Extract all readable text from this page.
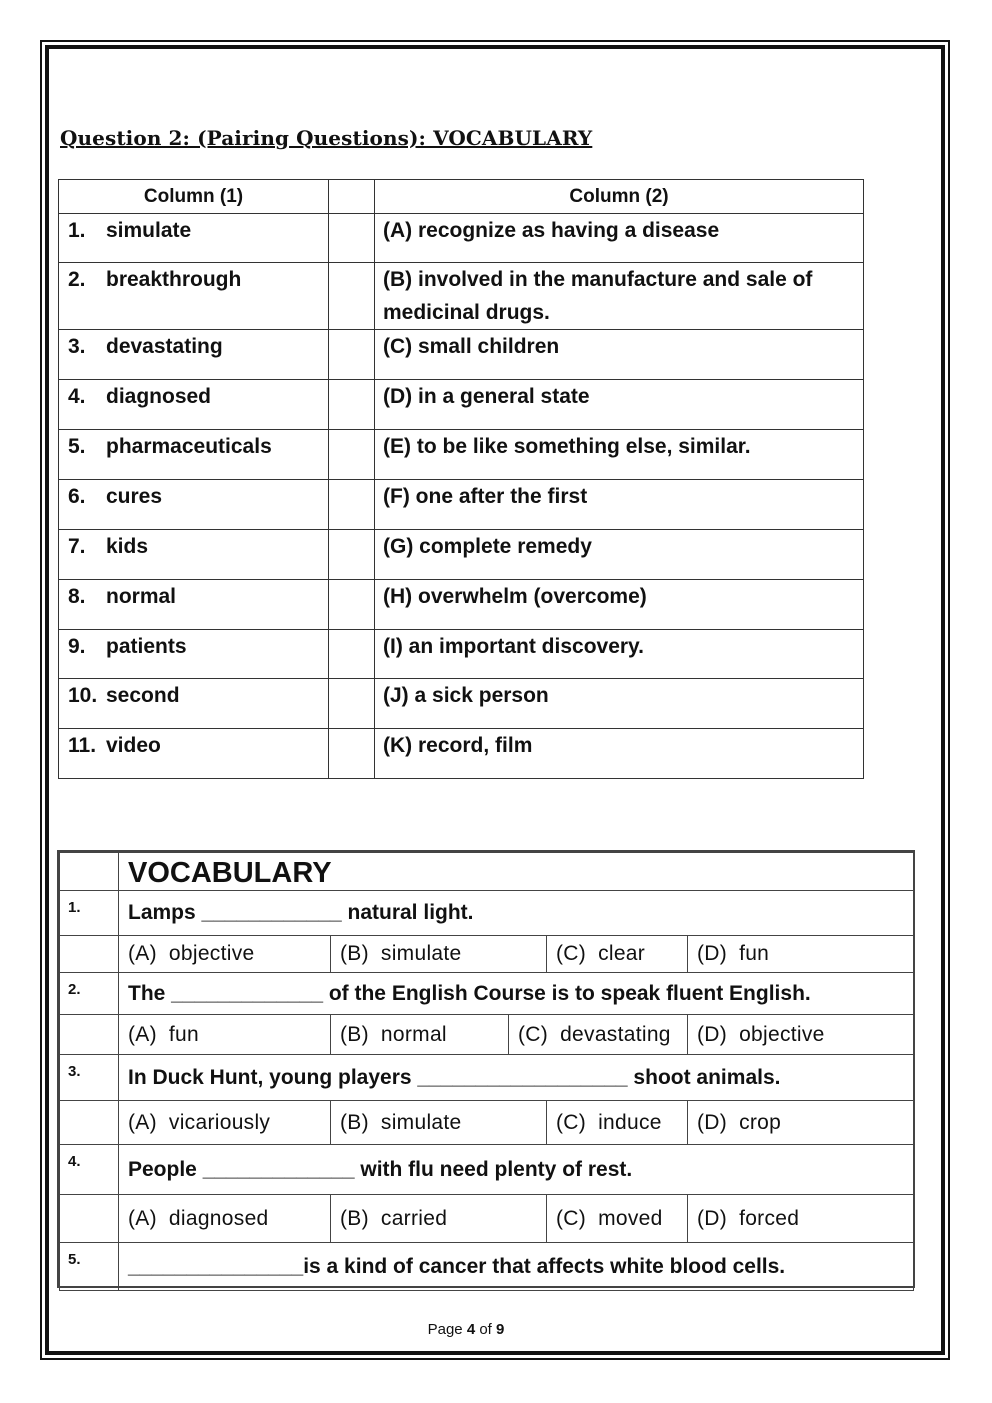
Question 2: (Pairing Questions): VOCABULARY
Column (1)		Column (2)
1. simulate		(A) recognize as having a disease
2. breakthrough		(B) involved in the manufacture and sale of medicinal drugs.
3. devastating		(C) small children
4. diagnosed		(D) in a general state
5. pharmaceuticals		(E) to be like something else, similar.
6. cures		(F) one after the first
7. kids		(G) complete remedy
8. normal		(H) overwhelm (overcome)
9. patients		(I) an important discovery.
10. second		(J) a sick person
11. video		(K) record, film
	VOCABULARY				
1.	Lamps ____________ natural light.				
	(A) objective	(B) simulate		(C) clear	(D) fun
2.	The _____________ of the English Course is to speak fluent English.				
	(A) fun	(B) normal	(C) devastating		(D) objective
3.	In Duck Hunt, young players __________________ shoot animals.				
	(A) vicariously	(B) simulate		(C) induce	(D) crop
4.	People _____________ with flu need plenty of rest.				
	(A) diagnosed	(B) carried		(C) moved	(D) forced
5.	_______________is a kind of cancer that affects white blood cells.				
Page 4 of 9
